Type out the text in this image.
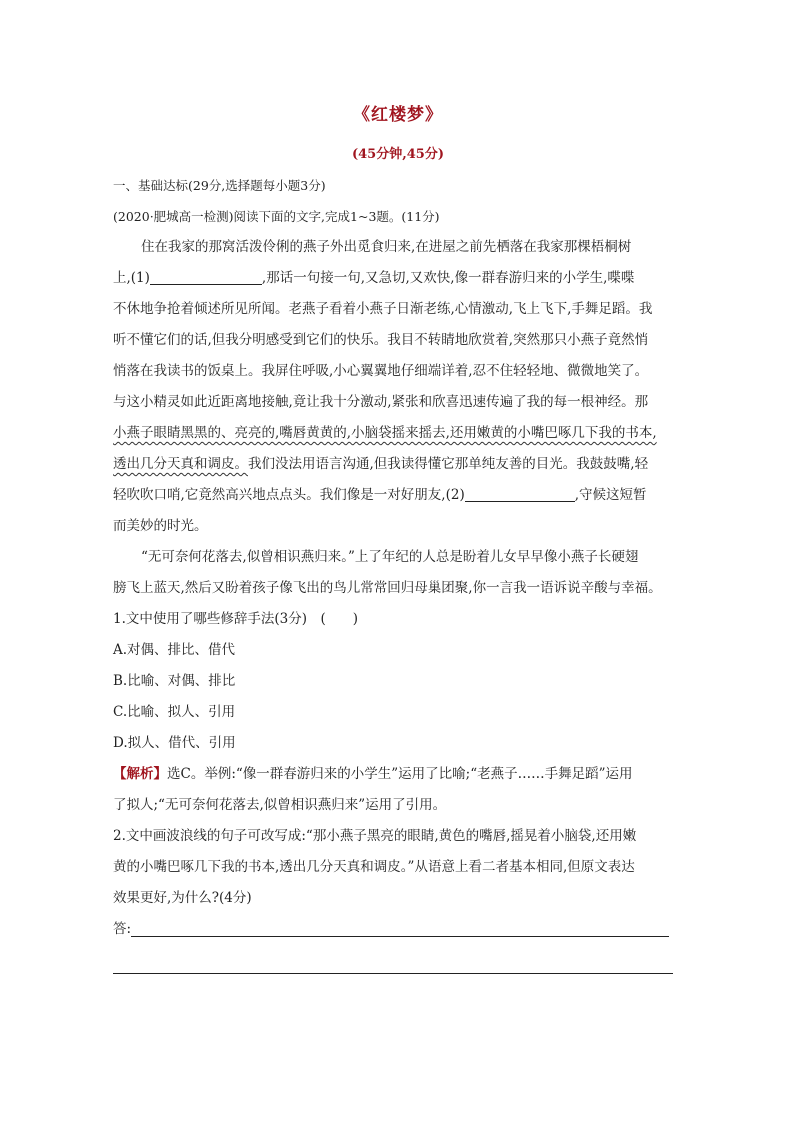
《红楼梦》
(45分钟,45分)

一、基础达标(29分,选择题每小题3分)

(2020·肥城高一检测)阅读下面的文字,完成1~3题。(11分)

住在我家的那窝活泼伶俐的燕子外出觅食归来,在进屋之前先栖落在我家那棵梧桐树

上,(1)	,那话一句接一句,又急切,又欢快,像一群春游归来的小学生,喋喋

不休地争抢着倾述所见所闻。老燕子看着小燕子日渐老练,心情激动,飞上飞下,手舞足蹈。我

听不懂它们的话,但我分明感受到它们的快乐。我目不转睛地欣赏着,突然那只小燕子竟然悄

悄落在我读书的饭桌上。我屏住呼吸,小心翼翼地仔细端详着,忍不住轻轻地、微微地笑了。

与这小精灵如此近距离地接触,竟让我十分激动,紧张和欣喜迅速传遍了我的每一根神经。那

小燕子眼睛黑黑的、亮亮的,嘴唇黄黄的,小脑袋摇来摇去,还用嫩黄的小嘴巴啄几下我的书本,

透出几分天真和调皮。我们没法用语言沟通,但我读得懂它那单纯友善的目光。我鼓鼓嘴,轻

轻吹吹口哨,它竟然高兴地点点头。我们像是一对好朋友,(2)	,守候这短暂

而美妙的时光。

“无可奈何花落去,似曾相识燕归来。”上了年纪的人总是盼着儿女早早像小燕子长硬翅

膀飞上蓝天,然后又盼着孩子像飞出的鸟儿常常回归母巢团聚,你一言我一语诉说辛酸与幸福。

1.文中使用了哪些修辞手法(3分)　(　　)

A.对偶、排比、借代

B.比喻、对偶、排比

C.比喻、拟人、引用

D.拟人、借代、引用

【解析】选C。举例:“像一群春游归来的小学生”运用了比喻;“老燕子……手舞足蹈”运用

了拟人;“无可奈何花落去,似曾相识燕归来”运用了引用。

2.文中画波浪线的句子可改写成:“那小燕子黑亮的眼睛,黄色的嘴唇,摇晃着小脑袋,还用嫩

黄的小嘴巴啄几下我的书本,透出几分天真和调皮。”从语意上看二者基本相同,但原文表达

效果更好,为什么?(4分)

答:
